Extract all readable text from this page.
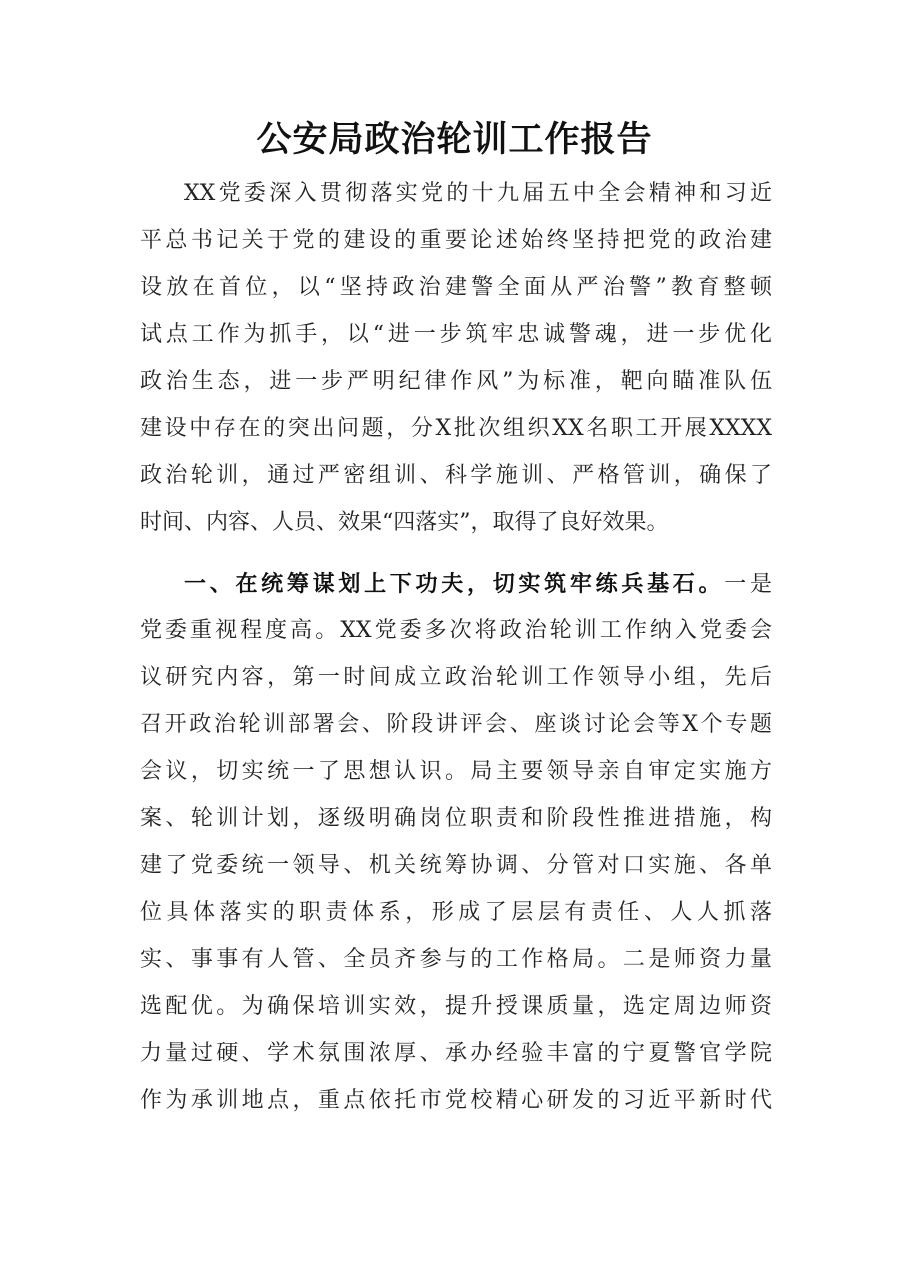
公安局政治轮训工作报告
XX党委深入贯彻落实党的十九届五中全会精神和习近
平总书记关于党的建设的重要论述始终坚持把党的政治建
设放在首位，以“坚持政治建警全面从严治警”教育整顿
试点工作为抓手，以“进一步筑牢忠诚警魂，进一步优化
政治生态，进一步严明纪律作风”为标准，靶向瞄准队伍
建设中存在的突出问题，分X批次组织XX名职工开展XXXX
政治轮训，通过严密组训、科学施训、严格管训，确保了
时间、内容、人员、效果“四落实”，取得了良好效果。
一、在统筹谋划上下功夫，切实筑牢练兵基石。一是
党委重视程度高。XX党委多次将政治轮训工作纳入党委会
议研究内容，第一时间成立政治轮训工作领导小组，先后
召开政治轮训部署会、阶段讲评会、座谈讨论会等X个专题
会议，切实统一了思想认识。局主要领导亲自审定实施方
案、轮训计划，逐级明确岗位职责和阶段性推进措施，构
建了党委统一领导、机关统筹协调、分管对口实施、各单
位具体落实的职责体系，形成了层层有责任、人人抓落
实、事事有人管、全员齐参与的工作格局。二是师资力量
选配优。为确保培训实效，提升授课质量，选定周边师资
力量过硬、学术氛围浓厚、承办经验丰富的宁夏警官学院
作为承训地点，重点依托市党校精心研发的习近平新时代
